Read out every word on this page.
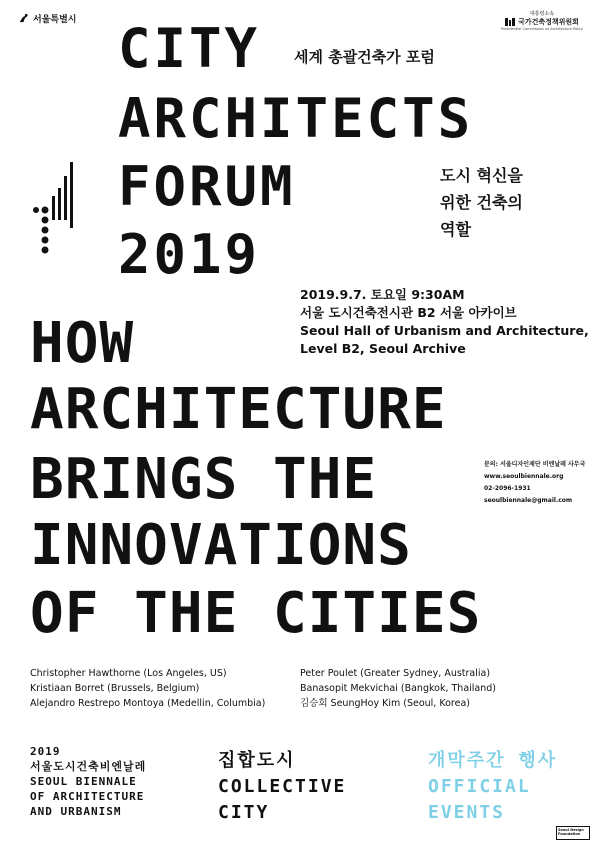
서울특별시
대통령소속
국가건축정책위원회
Presidential Commission on Architecture Policy
CITY
ARCHITECTS
FORUM
2019
세계 총괄건축가 포럼
도시 혁신을
위한 건축의
역할
2019.9.7. 토요일 9:30AM
서울 도시건축전시관 B2 서울 아카이브
Seoul Hall of Urbanism and Architecture,
Level B2, Seoul Archive
HOW
ARCHITECTURE
BRINGS THE
INNOVATIONS
OF THE CITIES
문의: 서울디자인재단 비엔날레 사무국
www.seoulbiennale.org
02-2096-1931
seoulbiennale@gmail.com
Christopher Hawthorne (Los Angeles, US)
Kristiaan Borret (Brussels, Belgium)
Alejandro Restrepo Montoya (Medellin, Columbia)
Peter Poulet (Greater Sydney, Australia)
Banasopit Mekvichai (Bangkok, Thailand)
김승회 SeungHoy Kim (Seoul, Korea)
2019
서울도시건축비엔날레
SEOUL BIENNALE
OF ARCHITECTURE
AND URBANISM
집합도시
COLLECTIVE
CITY
개막주간 행사
OFFICIAL
EVENTS
Seoul Design Foundation
